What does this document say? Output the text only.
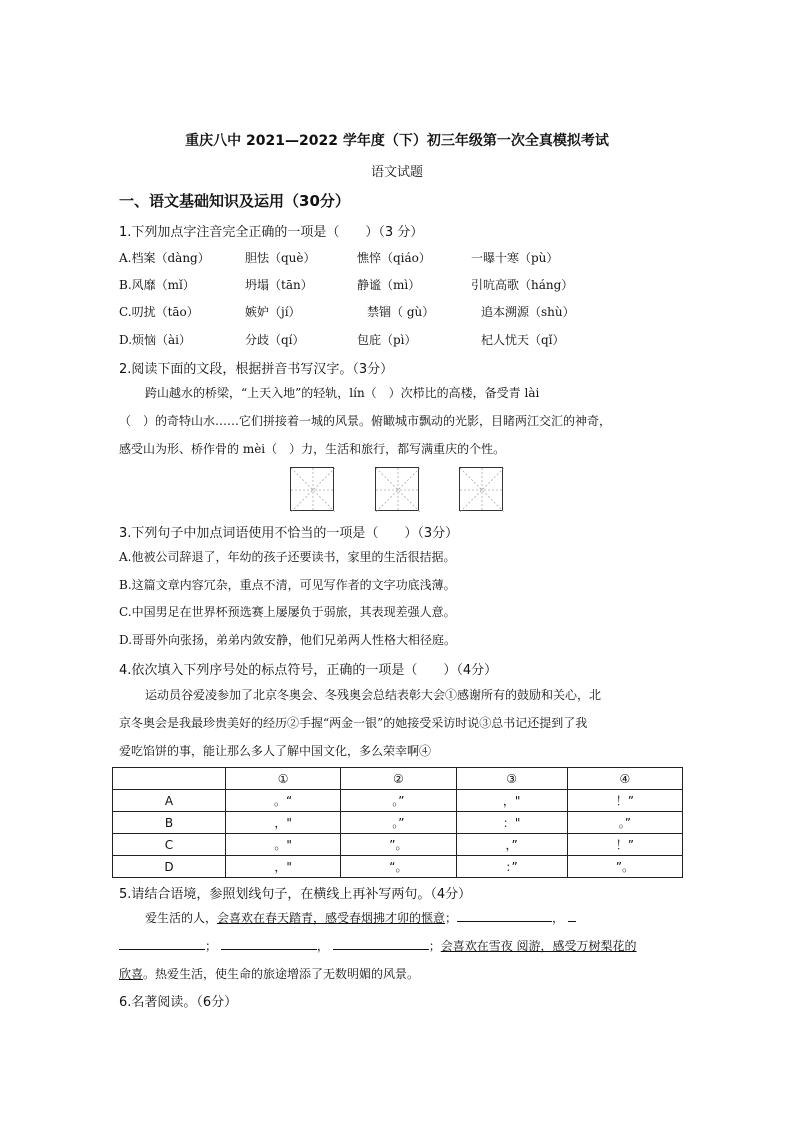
重庆八中 2021—2022 学年度（下）初三年级第一次全真模拟考试
语文试题
一、语文基础知识及运用（30分）
1.下列加点字注音完全正确的一项是（　　）（3 分）
A.档案（dàng）	胆怯（què）	憔悴（qiáo）	一曝十寒（pù）
B.风靡（mǐ）	坍塌（tān）	静谧（mì）	引吭高歌（háng）
C.叨扰（tāo）	嫉妒（jí）	禁锢（ gù）	追本溯源（shù）
D.烦恼（ài）	分歧（qí）	包庇（pì）	杞人忧天（qǐ）
2.阅读下面的文段，根据拼音书写汉字。（3分）
跨山越水的桥梁，“上天入地”的轻轨，lín（　）次栉比的高楼，备受青 lài
（　）的奇特山水……它们拼接着一城的风景。俯瞰城市飘动的光影，目睹两江交汇的神奇，
感受山为形、桥作骨的 mèi（　）力，生活和旅行，都写满重庆的个性。
3.下列句子中加点词语使用不恰当的一项是（　　）（3分）
A.他被公司辞退了，年幼的孩子还要读书，家里的生活很拮据。
B.这篇文章内容冗杂，重点不清，可见写作者的文字功底浅薄。
C.中国男足在世界杯预选赛上屡屡负于弱旅，其表现差强人意。
D.哥哥外向张扬，弟弟内敛安静，他们兄弟两人性格大相径庭。
4.依次填入下列序号处的标点符号，正确的一项是（　　）（4分）
运动员谷爱凌参加了北京冬奥会、冬残奥会总结表彰大会①感谢所有的鼓励和关心，北
京冬奥会是我最珍贵美好的经历②手握“两金一银”的她接受采访时说③总书记还提到了我
爱吃馅饼的事，能让那么多人了解中国文化，多么荣幸啊④
	①	②	③	④
A	。“	。”	，"	！”
B	，"	。”	："	。”
C	。"	”。	，”	！”
D	，"	“。	：”	”。
5.请结合语境，参照划线句子，在横线上再补写两句。（4分）
爱生活的人，会喜欢在春天踏青，感受春烟拂才卯的惬意；	，
；	，	；会喜欢在雪夜 阅游，感受万树梨花的
欣喜。热爱生活，使生命的旅途增添了无数明媚的风景。
6.名著阅读。（6分）
